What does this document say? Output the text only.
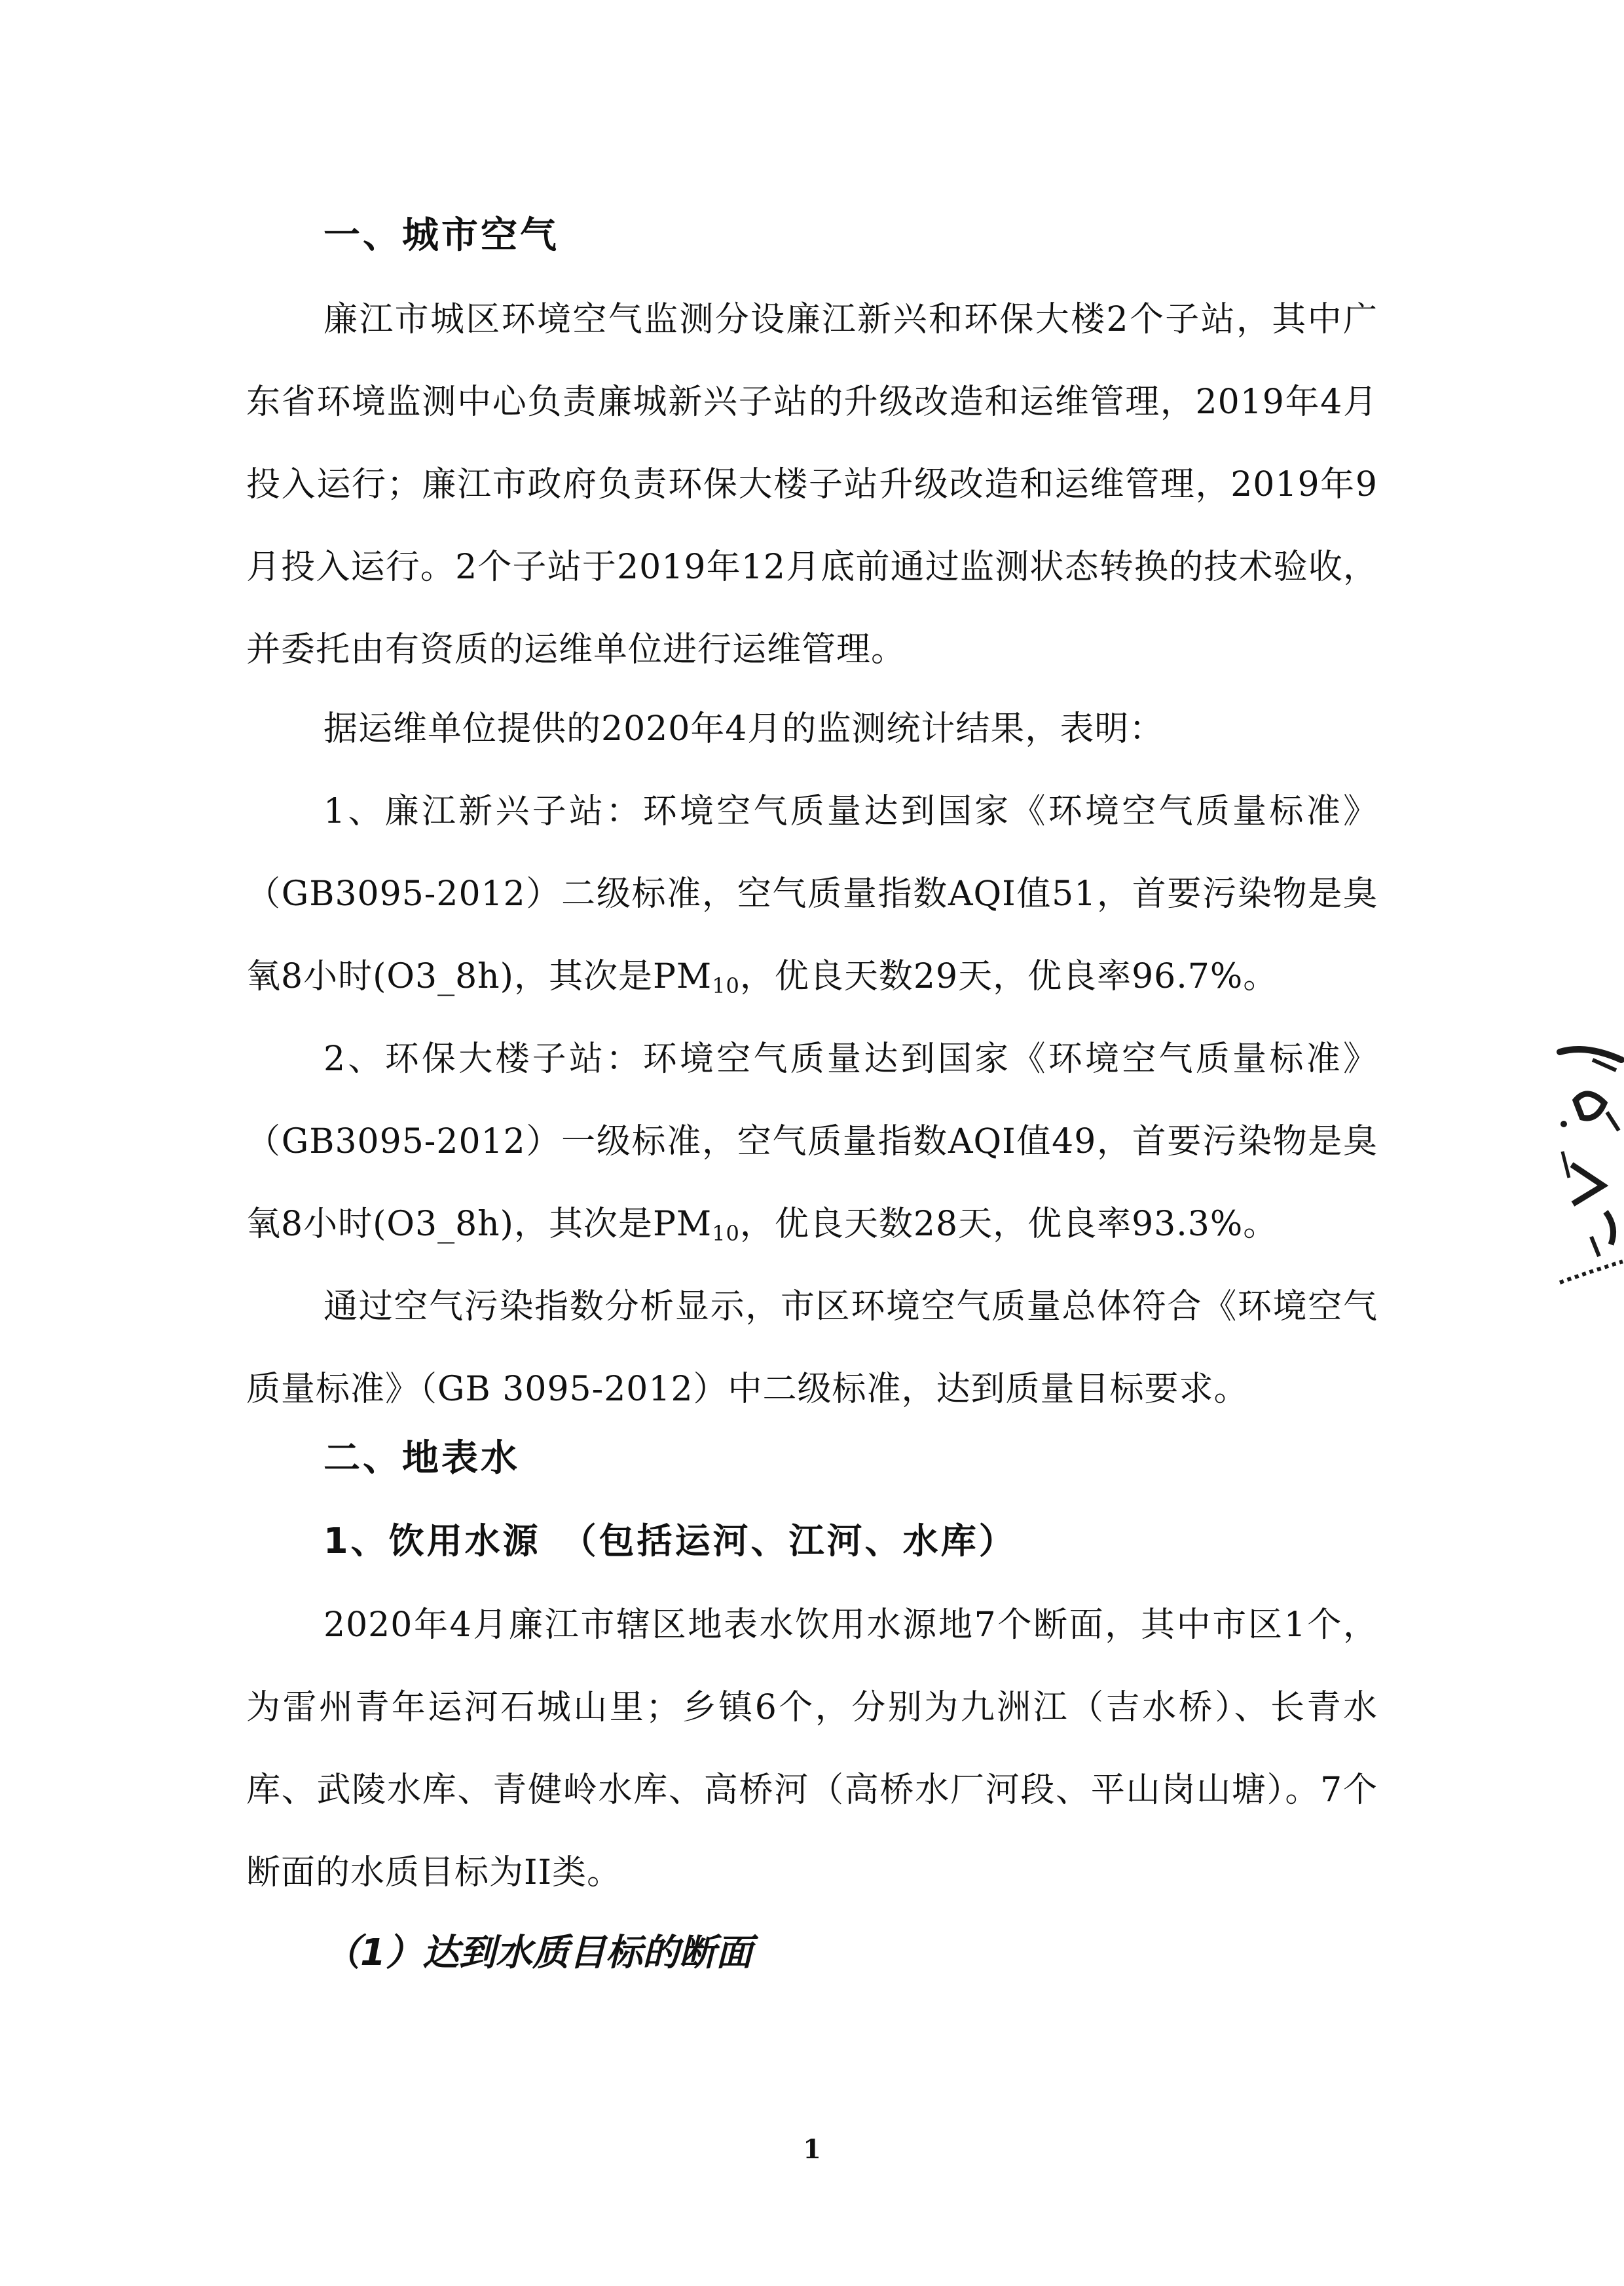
一、城市空气

廉江市城区环境空气监测分设廉江新兴和环保大楼2个子站，其中广东省环境监测中心负责廉城新兴子站的升级改造和运维管理，2019年4月投入运行；廉江市政府负责环保大楼子站升级改造和运维管理，2019年9月投入运行。2个子站于2019年12月底前通过监测状态转换的技术验收，并委托由有资质的运维单位进行运维管理。

据运维单位提供的2020年4月的监测统计结果，表明：

1、廉江新兴子站：环境空气质量达到国家《环境空气质量标准》（GB3095-2012）二级标准，空气质量指数AQI值51，首要污染物是臭氧8小时(O3_8h)，其次是$PM_{10}$，优良天数29天，优良率96.7%。

2、环保大楼子站：环境空气质量达到国家《环境空气质量标准》（GB3095-2012）一级标准，空气质量指数AQI值49，首要污染物是臭氧8小时(O3_8h)，其次是$PM_{10}$，优良天数28天，优良率93.3%。

通过空气污染指数分析显示，市区环境空气质量总体符合《环境空气质量标准》（GB 3095-2012）中二级标准，达到质量目标要求。

二、地表水
1、饮用水源　（包括运河、江河、水库）

2020年4月廉江市辖区地表水饮用水源地7个断面，其中市区1个，为雷州青年运河石城山里；乡镇6个，分别为九洲江（吉水桥）、长青水库、武陵水库、青健岭水库、高桥河（高桥水厂河段、平山岗山塘）。7个断面的水质目标为II类。

（1）达到水质目标的断面
1
